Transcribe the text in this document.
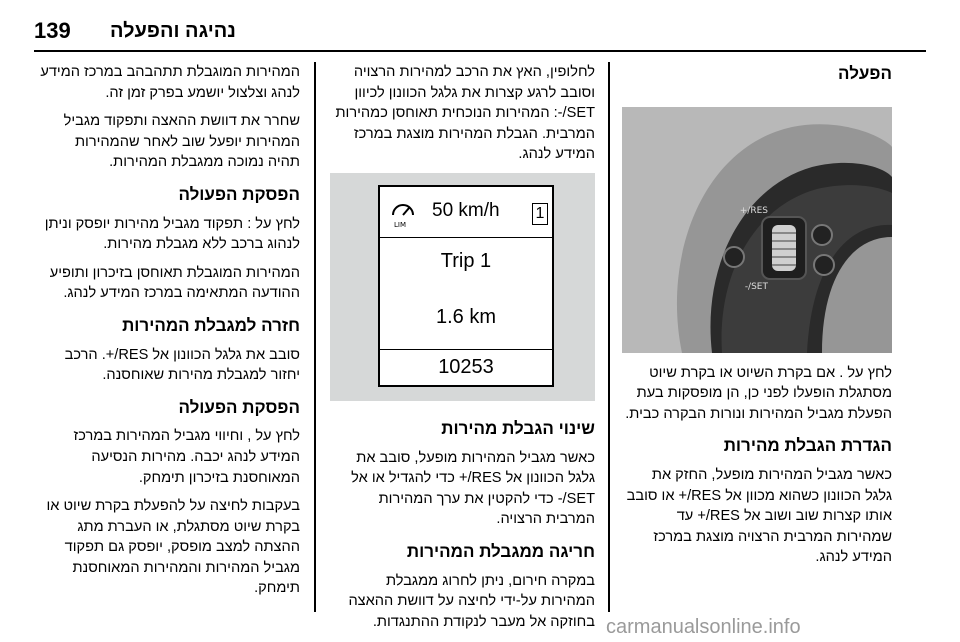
139 נהיגה והפעלה
הפעלה
SET/-
RES/+

לחץ על . אם בקרת השיוט או בקרת שיוט מסתגלת הופעלו לפני כן, הן מופסקות בעת הפעלת מגביל המהירות ונורות הבקרה כבית.

הגדרת הגבלת מהירות

כאשר מגביל המהירות מופעל, החזק את גלגל הכוונון כשהוא מכוון אל RES/+ או סובב אותו קצרות שוב ושוב אל RES/+ עד שמהירות המרבית הרצויה מוצגת במרכז המידע לנהג.

לחלופין, האץ את הרכב למהירות הרצויה וסובב לרגע קצרות את גלגל הכוונון לכיוון SET/-: המהירות הנוכחית תאוחסן כמהירות המרבית. הגבלת המהירות מוצגת במרכז המידע לנהג.

LIM
50 km/h 1
Trip 1
1.6 km
10253
שינוי הגבלת מהירות

כאשר מגביל המהירות מופעל, סובב את גלגל הכוונון אל RES/+ כדי להגדיל או אל SET/- כדי להקטין את ערך המהירות המרבית הרצויה.

חריגה ממגבלת המהירות

במקרה חירום, ניתן לחרוג ממגבלת המהירות על-ידי לחיצה על דוושת ההאצה בחוזקה אל מעבר לנקודת ההתנגדות.

המהירות המוגבלת תתהבהב במרכז המידע לנהג וצלצול יושמע בפרק זמן זה.

שחרר את דוושת ההאצה ותפקוד מגביל המהירות יופעל שוב לאחר שהמהירות תהיה נמוכה ממגבלת המהירות.

הפסקת הפעולה

לחץ על : תפקוד מגביל מהירות יופסק וניתן לנהוג ברכב ללא מגבלת מהירות.

המהירות המוגבלת תאוחסן בזיכרון ותופיע ההודעה המתאימה במרכז המידע לנהג.

חזרה למגבלת המהירות

סובב את גלגל הכוונון אל RES/+. הרכב יחזור למגבלת מהירות שאוחסנה.

הפסקת הפעולה

לחץ על , וחיווי מגביל המהירות במרכז המידע לנהג יכבה. מהירות הנסיעה המאוחסנת בזיכרון תימחק.

בעקבות לחיצה על להפעלת בקרת שיוט או בקרת שיוט מסתגלת, או העברת מתג ההצתה למצב מופסק, יופסק גם תפקוד מגביל המהירות והמהירות המאוחסנת תימחק.

carmanualsonline.info
